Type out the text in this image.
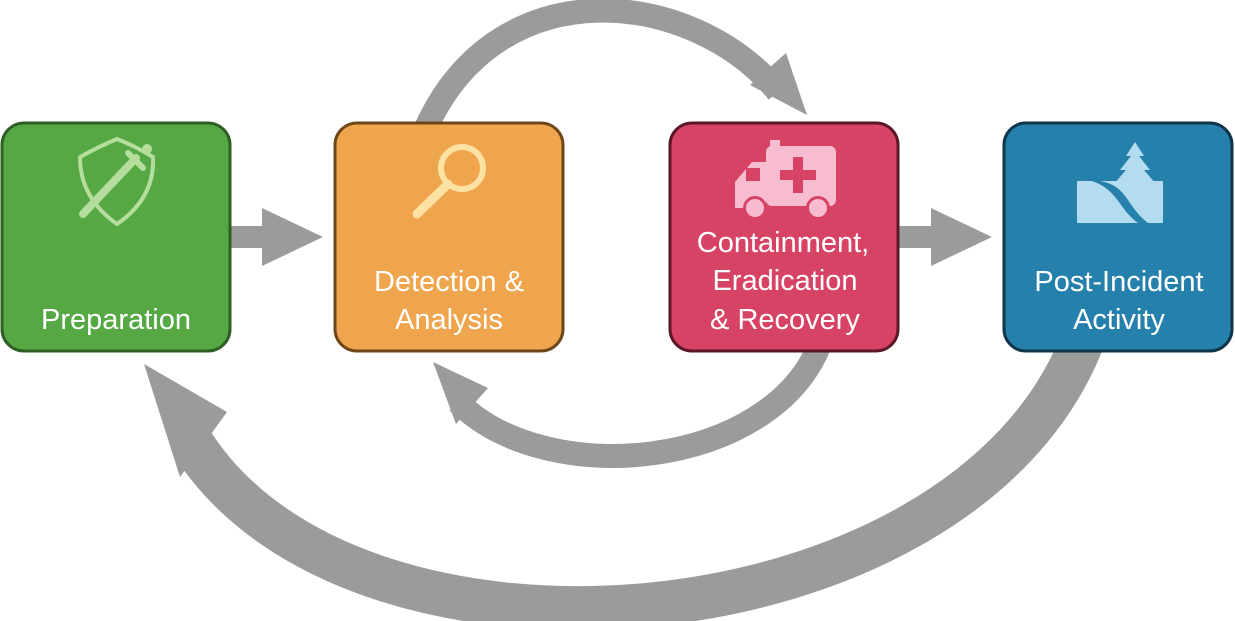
Preparation
Detection &
Analysis
Containment,
Eradication
& Recovery
Post-Incident
Activity
